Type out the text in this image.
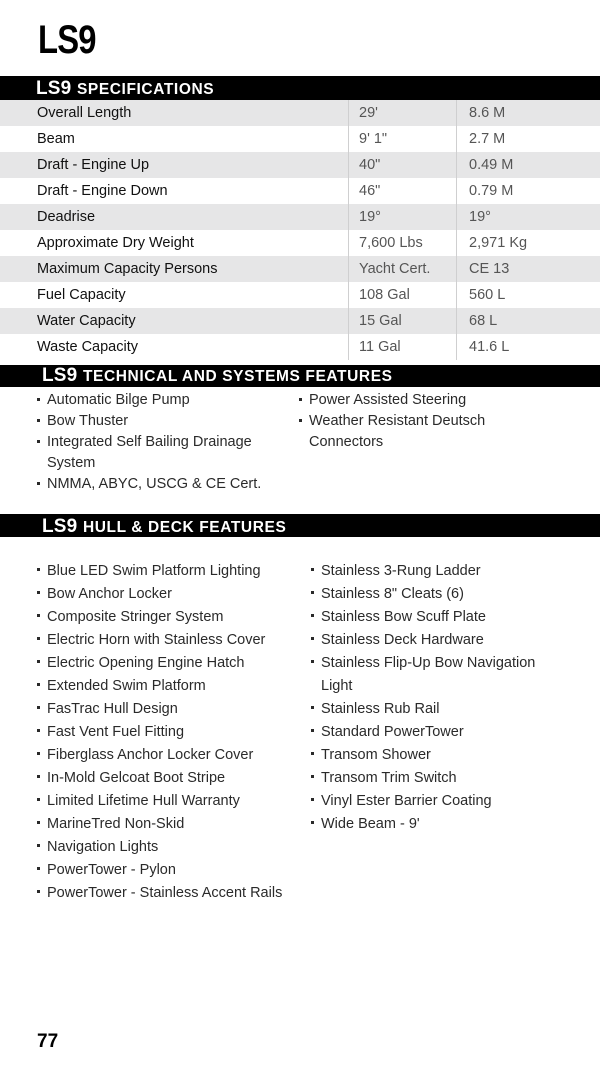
LS9
LS9 SPECIFICATIONS
Overall Length	29'	8.6 M
Beam	9' 1"	2.7 M
Draft - Engine Up	40"	0.49 M
Draft - Engine Down	46"	0.79 M
Deadrise	19°	19°
Approximate Dry Weight	7,600 Lbs	2,971 Kg
Maximum Capacity Persons	Yacht Cert.	CE 13
Fuel Capacity	108 Gal	560 L
Water Capacity	15 Gal	68 L
Waste Capacity	11 Gal	41.6 L
LS9 TECHNICAL AND SYSTEMS FEATURES
Automatic Bilge Pump
Bow Thuster
Integrated Self Bailing Drainage
System
NMMA, ABYC, USCG & CE Cert.
Power Assisted Steering
Weather Resistant Deutsch
Connectors
LS9 HULL & DECK FEATURES
Blue LED Swim Platform Lighting
Bow Anchor Locker
Composite Stringer System
Electric Horn with Stainless Cover
Electric Opening Engine Hatch
Extended Swim Platform
FasTrac Hull Design
Fast Vent Fuel Fitting
Fiberglass Anchor Locker Cover
In-Mold Gelcoat Boot Stripe
Limited Lifetime Hull Warranty
MarineTred Non-Skid
Navigation Lights
PowerTower - Pylon
PowerTower - Stainless Accent Rails
Stainless 3-Rung Ladder
Stainless 8" Cleats (6)
Stainless Bow Scuff Plate
Stainless Deck Hardware
Stainless Flip-Up Bow Navigation
Light
Stainless Rub Rail
Standard PowerTower
Transom Shower
Transom Trim Switch
Vinyl Ester Barrier Coating
Wide Beam - 9'
77
